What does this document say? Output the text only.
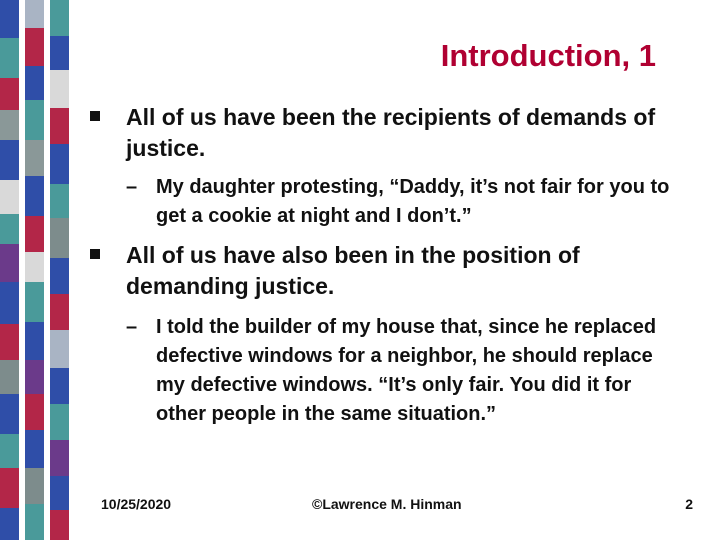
Introduction, 1
All of us have been the recipients of demands of justice.
– My daughter protesting, “Daddy, it’s not fair for you to get a cookie at night and I don’t.”
All of us have also been in the position of demanding justice.
– I told the builder of my house that, since he replaced defective windows for a neighbor, he should replace my defective windows. “It’s only fair. You did it for other people in the same situation.”
10/25/2020	©Lawrence M. Hinman	2
